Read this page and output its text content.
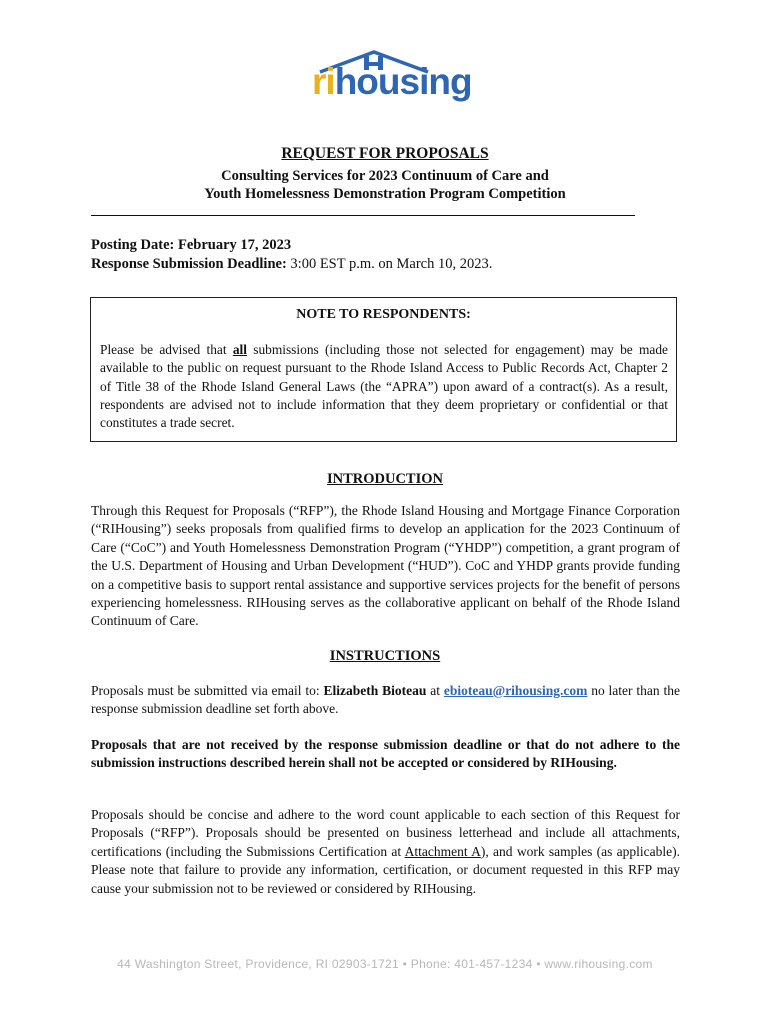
rihousing
REQUEST FOR PROPOSALS
Consulting Services for 2023 Continuum of Care and
Youth Homelessness Demonstration Program Competition
Posting Date: February 17, 2023
Response Submission Deadline: 3:00 EST p.m. on March 10, 2023.
NOTE TO RESPONDENTS:
Please be advised that all submissions (including those not selected for engagement) may be made available to the public on request pursuant to the Rhode Island Access to Public Records Act, Chapter 2 of Title 38 of the Rhode Island General Laws (the “APRA”) upon award of a contract(s). As a result, respondents are advised not to include information that they deem proprietary or confidential or that constitutes a trade secret.
INTRODUCTION
Through this Request for Proposals (“RFP”), the Rhode Island Housing and Mortgage Finance Corporation (“RIHousing”) seeks proposals from qualified firms to develop an application for the 2023 Continuum of Care (“CoC”) and Youth Homelessness Demonstration Program (“YHDP”) competition, a grant program of the U.S. Department of Housing and Urban Development (“HUD”). CoC and YHDP grants provide funding on a competitive basis to support rental assistance and supportive services projects for the benefit of persons experiencing homelessness. RIHousing serves as the collaborative applicant on behalf of the Rhode Island Continuum of Care.
INSTRUCTIONS
Proposals must be submitted via email to: Elizabeth Bioteau at ebioteau@rihousing.com no later than the response submission deadline set forth above.
Proposals that are not received by the response submission deadline or that do not adhere to the submission instructions described herein shall not be accepted or considered by RIHousing.
Proposals should be concise and adhere to the word count applicable to each section of this Request for Proposals (“RFP”). Proposals should be presented on business letterhead and include all attachments, certifications (including the Submissions Certification at Attachment A), and work samples (as applicable). Please note that failure to provide any information, certification, or document requested in this RFP may cause your submission not to be reviewed or considered by RIHousing.
44 Washington Street, Providence, RI 02903-1721 • Phone: 401-457-1234 • www.rihousing.com
